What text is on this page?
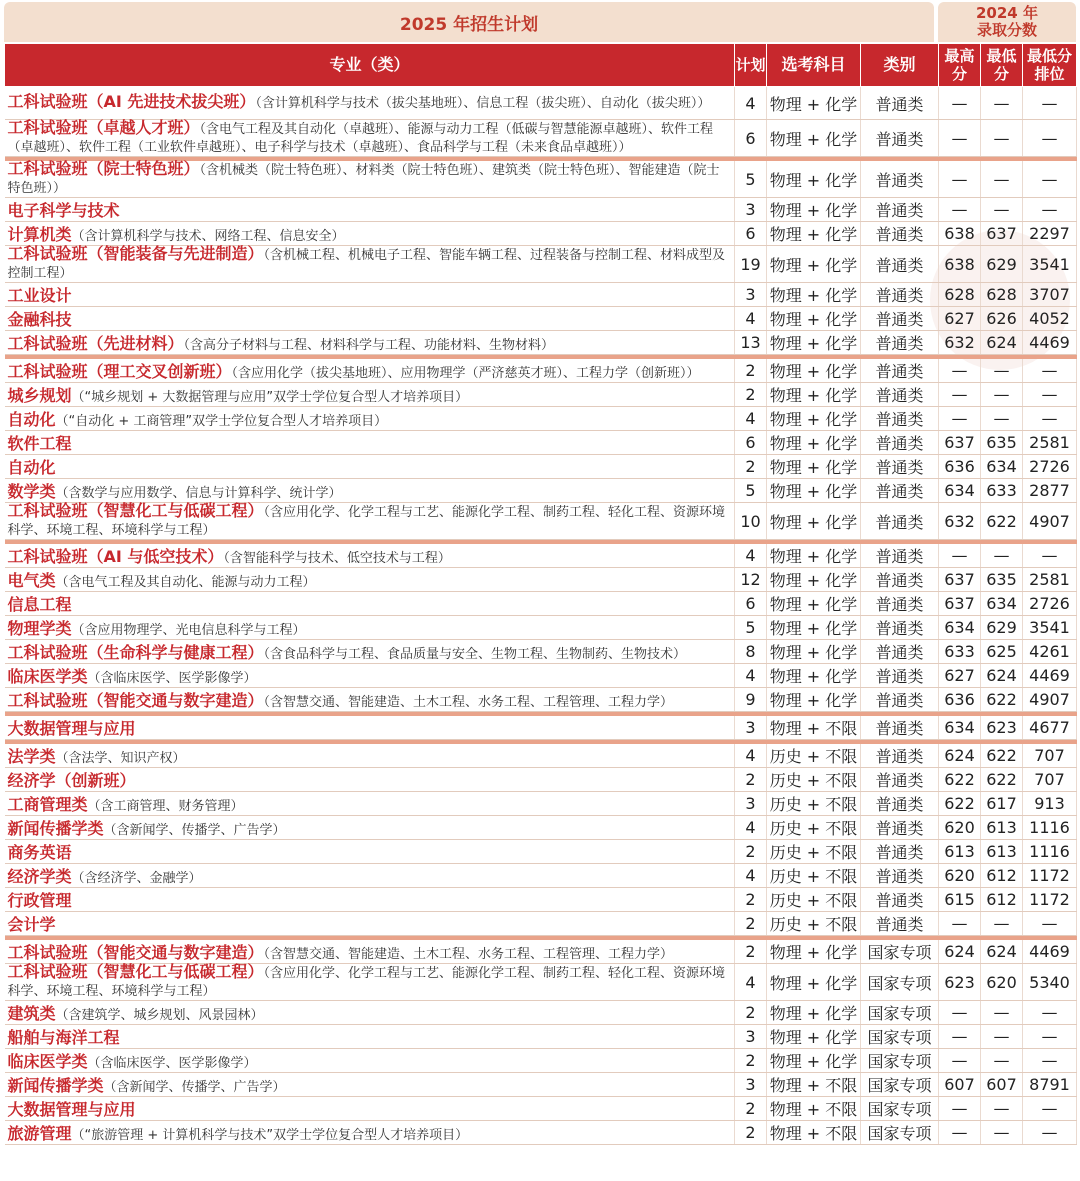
2025 年招生计划
2024 年
录取分数
专业（类）	计划	选考科目	类别	最高分	最低分	最低分排位
工科试验班（AI 先进技术拔尖班）（含计算机科学与技术（拔尖基地班）、信息工程（拔尖班）、自动化（拔尖班））	4	物理 + 化学	普通类	—	—	—
工科试验班（卓越人才班）（含电气工程及其自动化（卓越班）、能源与动力工程（低碳与智慧能源卓越班）、软件工程（卓越班）、软件工程（工业软件卓越班）、电子科学与技术（卓越班）、食品科学与工程（未来食品卓越班））	6	物理 + 化学	普通类	—	—	—

工科试验班（院士特色班）（含机械类（院士特色班）、材料类（院士特色班）、建筑类（院士特色班）、智能建造（院士特色班））	5	物理 + 化学	普通类	—	—	—
电子科学与技术	3	物理 + 化学	普通类	—	—	—
计算机类（含计算机科学与技术、网络工程、信息安全）	6	物理 + 化学	普通类	638	637	2297
工科试验班（智能装备与先进制造）（含机械工程、机械电子工程、智能车辆工程、过程装备与控制工程、材料成型及控制工程）	19	物理 + 化学	普通类	638	629	3541
工业设计	3	物理 + 化学	普通类	628	628	3707
金融科技	4	物理 + 化学	普通类	627	626	4052
工科试验班（先进材料）（含高分子材料与工程、材料科学与工程、功能材料、生物材料）	13	物理 + 化学	普通类	632	624	4469

工科试验班（理工交叉创新班）（含应用化学（拔尖基地班）、应用物理学（严济慈英才班）、工程力学（创新班））	2	物理 + 化学	普通类	—	—	—
城乡规划（“城乡规划 + 大数据管理与应用”双学士学位复合型人才培养项目）	2	物理 + 化学	普通类	—	—	—
自动化（“自动化 + 工商管理”双学士学位复合型人才培养项目）	4	物理 + 化学	普通类	—	—	—
软件工程	6	物理 + 化学	普通类	637	635	2581
自动化	2	物理 + 化学	普通类	636	634	2726
数学类（含数学与应用数学、信息与计算科学、统计学）	5	物理 + 化学	普通类	634	633	2877
工科试验班（智慧化工与低碳工程）（含应用化学、化学工程与工艺、能源化学工程、制药工程、轻化工程、资源环境科学、环境工程、环境科学与工程）	10	物理 + 化学	普通类	632	622	4907

工科试验班（AI 与低空技术）（含智能科学与技术、低空技术与工程）	4	物理 + 化学	普通类	—	—	—
电气类（含电气工程及其自动化、能源与动力工程）	12	物理 + 化学	普通类	637	635	2581
信息工程	6	物理 + 化学	普通类	637	634	2726
物理学类（含应用物理学、光电信息科学与工程）	5	物理 + 化学	普通类	634	629	3541
工科试验班（生命科学与健康工程）（含食品科学与工程、食品质量与安全、生物工程、生物制药、生物技术）	8	物理 + 化学	普通类	633	625	4261
临床医学类（含临床医学、医学影像学）	4	物理 + 化学	普通类	627	624	4469
工科试验班（智能交通与数字建造）（含智慧交通、智能建造、土木工程、水务工程、工程管理、工程力学）	9	物理 + 化学	普通类	636	622	4907

大数据管理与应用	3	物理 + 不限	普通类	634	623	4677

法学类（含法学、知识产权）	4	历史 + 不限	普通类	624	622	707
经济学（创新班）	2	历史 + 不限	普通类	622	622	707
工商管理类（含工商管理、财务管理）	3	历史 + 不限	普通类	622	617	913
新闻传播学类（含新闻学、传播学、广告学）	4	历史 + 不限	普通类	620	613	1116
商务英语	2	历史 + 不限	普通类	613	613	1116
经济学类（含经济学、金融学）	4	历史 + 不限	普通类	620	612	1172
行政管理	2	历史 + 不限	普通类	615	612	1172
会计学	2	历史 + 不限	普通类	—	—	—

工科试验班（智能交通与数字建造）（含智慧交通、智能建造、土木工程、水务工程、工程管理、工程力学）	2	物理 + 化学	国家专项	624	624	4469
工科试验班（智慧化工与低碳工程）（含应用化学、化学工程与工艺、能源化学工程、制药工程、轻化工程、资源环境科学、环境工程、环境科学与工程）	4	物理 + 化学	国家专项	623	620	5340
建筑类（含建筑学、城乡规划、风景园林）	2	物理 + 化学	国家专项	—	—	—
船舶与海洋工程	3	物理 + 化学	国家专项	—	—	—
临床医学类（含临床医学、医学影像学）	2	物理 + 化学	国家专项	—	—	—
新闻传播学类（含新闻学、传播学、广告学）	3	物理 + 不限	国家专项	607	607	8791
大数据管理与应用	2	物理 + 不限	国家专项	—	—	—
旅游管理（“旅游管理 + 计算机科学与技术”双学士学位复合型人才培养项目）	2	物理 + 不限	国家专项	—	—	—
